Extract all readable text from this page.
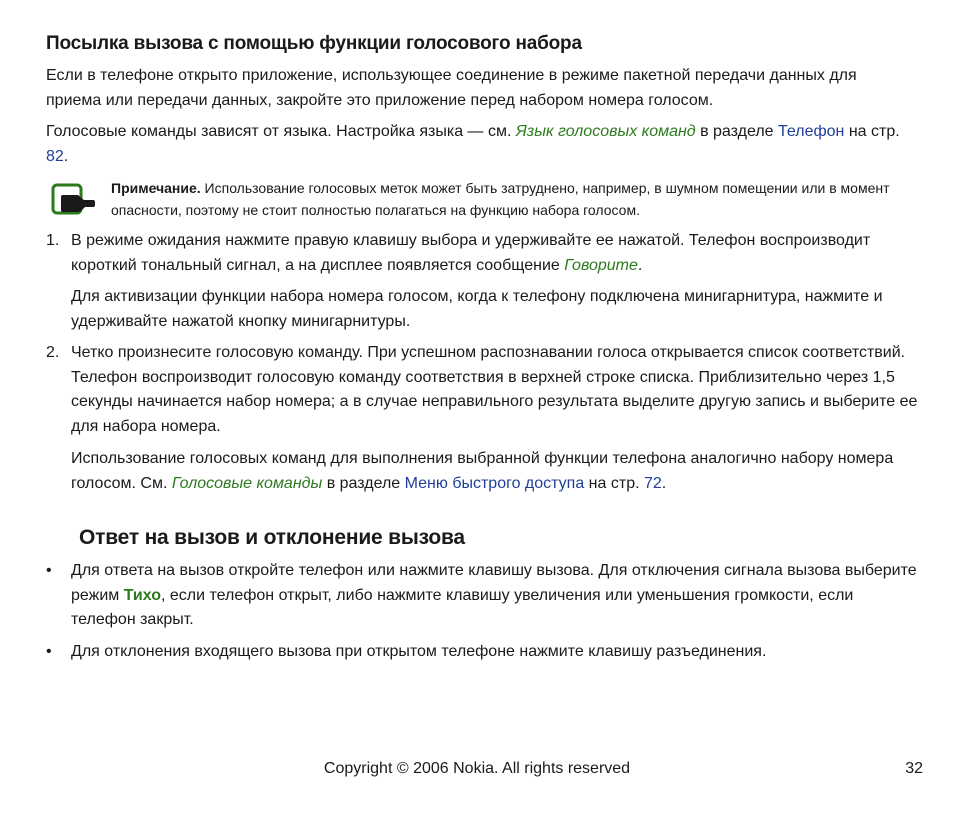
Посылка вызова с помощью функции голосового набора

Если в телефоне открыто приложение, использующее соединение в режиме пакетной передачи данных для приема или передачи данных, закройте это приложение перед набором номера голосом.

Голосовые команды зависят от языка. Настройка языка — см. Язык голосовых команд в разделе Телефон на стр. 82.

Примечание. Использование голосовых меток может быть затруднено, например, в шумном помещении или в момент опасности, поэтому не стоит полностью полагаться на функцию набора голосом.

1. В режиме ожидания нажмите правую клавишу выбора и удерживайте ее нажатой. Телефон воспроизводит короткий тональный сигнал, а на дисплее появляется сообщение Говорите.

Для активизации функции набора номера голосом, когда к телефону подключена минигарнитура, нажмите и удерживайте нажатой кнопку минигарнитуры.

2. Четко произнесите голосовую команду. При успешном распознавании голоса открывается список соответствий. Телефон воспроизводит голосовую команду соответствия в верхней строке списка. Приблизительно через 1,5 секунды начинается набор номера; а в случае неправильного результата выделите другую запись и выберите ее для набора номера.

Использование голосовых команд для выполнения выбранной функции телефона аналогично набору номера голосом. См. Голосовые команды в разделе Меню быстрого доступа на стр. 72.

Ответ на вызов и отклонение вызова
• Для ответа на вызов откройте телефон или нажмите клавишу вызова. Для отключения сигнала вызова выберите режим Тихо, если телефон открыт, либо нажмите клавишу увеличения или уменьшения громкости, если телефон закрыт.

• Для отклонения входящего вызова при открытом телефоне нажмите клавишу разъединения.

Copyright © 2006 Nokia. All rights reserved	32
